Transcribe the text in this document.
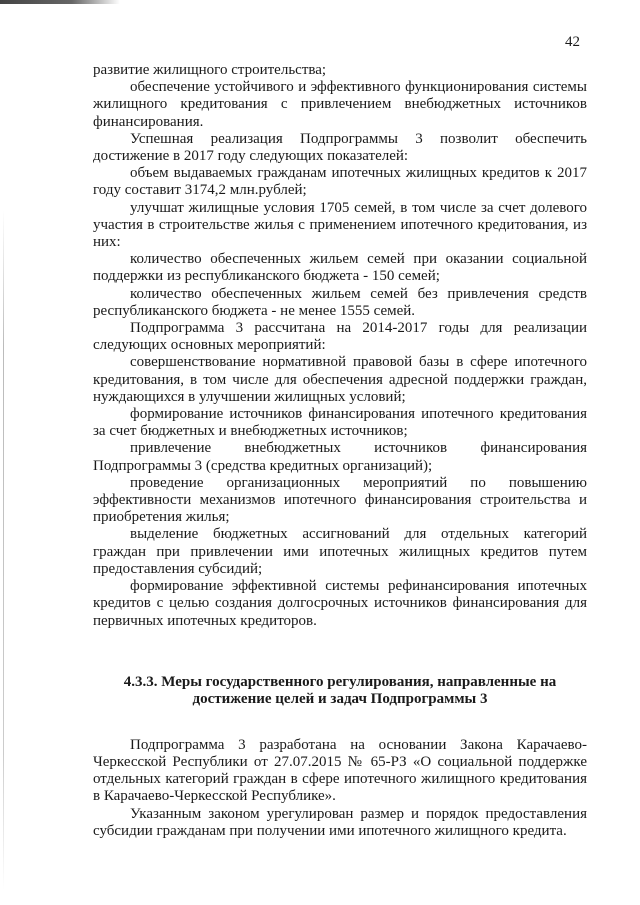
42

развитие жилищного строительства;

обеспечение устойчивого и эффективного функционирования системы жилищного кредитования с привлечением внебюджетных источников финансирования.

Успешная реализация Подпрограммы 3 позволит обеспечить достижение в 2017 году следующих показателей:

объем выдаваемых гражданам ипотечных жилищных кредитов к 2017 году составит 3174,2 млн.рублей;

улучшат жилищные условия 1705 семей, в том числе за счет долевого участия в строительстве жилья с применением ипотечного кредитования, из них:

количество обеспеченных жильем семей при оказании социальной поддержки из республиканского бюджета - 150 семей;

количество обеспеченных жильем семей без привлечения средств республиканского бюджета - не менее 1555 семей.

Подпрограмма 3 рассчитана на 2014-2017 годы для реализации следующих основных мероприятий:

совершенствование нормативной правовой базы в сфере ипотечного кредитования, в том числе для обеспечения адресной поддержки граждан, нуждающихся в улучшении жилищных условий;

формирование источников финансирования ипотечного кредитования за счет бюджетных и внебюджетных источников;

привлечение внебюджетных источников финансирования Подпрограммы 3 (средства кредитных организаций);

проведение организационных мероприятий по повышению эффективности механизмов ипотечного финансирования строительства и приобретения жилья;

выделение бюджетных ассигнований для отдельных категорий граждан при привлечении ими ипотечных жилищных кредитов путем предоставления субсидий;

формирование эффективной системы рефинансирования ипотечных кредитов с целью создания долгосрочных источников финансирования для первичных ипотечных кредиторов.

4.3.3. Меры государственного регулирования, направленные на
достижение целей и задач Подпрограммы 3

Подпрограмма 3 разработана на основании Закона Карачаево-Черкесской Республики от 27.07.2015 № 65-РЗ «О социальной поддержке отдельных категорий граждан в сфере ипотечного жилищного кредитования в Карачаево-Черкесской Республике».

Указанным законом урегулирован размер и порядок предоставления субсидии гражданам при получении ими ипотечного жилищного кредита.
